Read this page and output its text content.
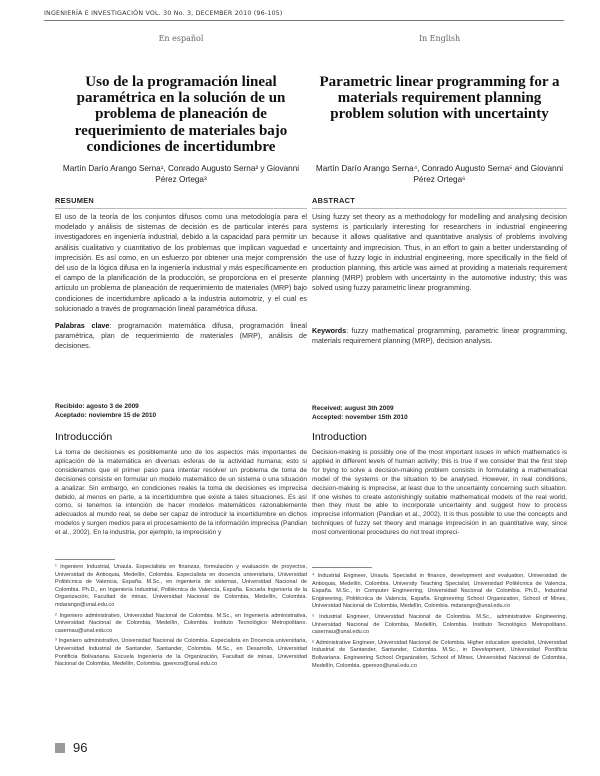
INGENIERÍA E INVESTIGACIÓN VOL. 30 No. 3, DECEMBER 2010 (96-105)
En español
Uso de la programación lineal paramétrica en la solución de un problema de planeación de requerimiento de materiales bajo condiciones de incertidumbre
Martín Darío Arango Serna¹, Conrado Augusto Serna² y Giovanni Pérez Ortega³
RESUMEN

El uso de la teoría de los conjuntos difusos como una metodología para el modelado y análisis de sistemas de decisión es de particular interés para investigadores en ingeniería industrial, debido a la capacidad para permitir un análisis cualitativo y cuantitativo de los problemas que implican vaguedad e imprecisión. Es así como, en un esfuerzo por obtener una mejor comprensión del uso de la lógica difusa en la ingeniería industrial y más específicamente en el campo de la planificación de la producción, se proporciona en el presente artículo un problema de planeación de requerimiento de materiales (MRP) bajo condiciones de incertidumbre aplicado a la industria automotriz, y el cual es solucionado a través de programación lineal paramétrica difusa.

Palabras clave: programación matemática difusa, programación lineal paramétrica, plan de requerimiento de materiales (MRP), análisis de decisiones.

Recibido: agosto 3 de 2009
Aceptado: noviembre 15 de 2010
Introducción

La toma de decisiones es posiblemente uno de los aspectos más importantes de aplicación de la matemática en diversas esferas de la actividad humana; esto si consideramos que el primer paso para intentar resolver un problema de toma de decisiones consiste en formular un modelo matemático de un sistema o una situación a analizar. Sin embargo, en condiciones reales la toma de decisiones es imprecisa debido, al menos en parte, a la incertidumbre que existe a tales situaciones. Es así como, si tenemos la intención de hacer modelos matemáticos razonablemente adecuados al mundo real, se debe ser capaz de introducir la incertidumbre en dichos modelos y surgen medios para el procesamiento de la información imprecisa (Pandian et al., 2002). En la industria, por ejemplo, la imprecisión y

¹ Ingeniero Industrial, Unaula. Especialista en finanzas, formulación y evaluación de proyectos, Universidad de Antioquia, Medellín, Colombia. Especialista en docencia universitaria, Universidad Politécnica de Valencia, España. M.Sc., en ingeniería de sistemas, Universidad Nacional de Colombia. Ph.D., en Ingeniería Industrial, Politécnica de Valencia, España. Escuela Ingeniería de la Organización, Facultad de minas, Universidad Nacional de Colombia, Medellín, Colombia. mdarango@unal.edu.co

² Ingeniero administrativo, Universidad Nacional de Colombia. M.Sc., en Ingeniería administrativa, Universidad Nacional de Colombia, Medellín, Colombia. Instituto Tecnológico Metropolitano. casernau@unal.edu.co

³ Ingeniero administrativo, Universidad Nacional de Colombia. Especialista en Docencia universitaria, Universidad Industrial de Santander, Santander, Colombia. M.Sc., en Desarrollo, Universidad Pontificia Bolivariana. Escuela Ingeniería de la Organización, Facultad de minas, Universidad Nacional de Colombia, Medellín, Colombia. gperezo@unal.edu.co

In English
Parametric linear programming for a materials requirement planning problem solution with uncertainty
Martín Darío Arango Serna⁴, Conrado Augusto Serna⁵ and Giovanni Pérez Ortega⁶
ABSTRACT

Using fuzzy set theory as a methodology for modelling and analysing decision systems is particularly interesting for researchers in industrial engineering because it allows qualitative and quantitative analysis of problems involving uncertainty and imprecision. Thus, in an effort to gain a better understanding of the use of fuzzy logic in industrial engineering, more specifically in the field of production planning, this article was aimed at providing a materials requirement planning (MRP) problem with uncertainty in the automotive industry; this was solved using fuzzy parametric linear programming.

Keywords: fuzzy mathematical programming, parametric linear programming, materials requirement planning (MRP), decision analysis.

Received: august 3th 2009
Accepted: november 15th 2010
Introduction

Decision-making is possibly one of the most important issues in which mathematics is applied in different levels of human activity; this is true if we consider that the first step for trying to solve a decision-making problem consists in formulating a mathematical model of the systems or the situation to be analysed. However, in real conditions, decision-making is imprecise, at least due to the uncertainty concerning such situation. If one wishes to create astonishingly suitable mathematical models of the real world, then they must be able to incorporate uncertainty and suggest how to process imprecise information (Pandian et al., 2002). It is thus possible to use the concepts and techniques of fuzzy set theory and manage imprecision in an quantitative way, since most conventional procedures do not treat impreci-

⁴ Industrial Engineer, Unaula. Specialist in finance, development and evaluation, Universidad de Antioquia, Medellín, Colombia. University Teaching Specialist, Universidad Politécnica de Valencia, España. M.Sc., in Computer Engineering, Universidad Nacional de Colombia. Ph.D., Industrial Engineering, Politécnica de Valencia, España. Engineering School Organization, School of Mines, Universidad Nacional de Colombia, Medellín, Colombia. mdarango@unal.edu.co

⁵ Industrial Engineer, Universidad Nacional de Colombia. M.Sc., administrative Engineering, Universidad Nacional de Colombia, Medellín, Colombia. Instituto Tecnológico Metropolitano. casernau@unal.edu.co

⁶ Administrative Engineer, Universidad Nacional de Colombia. Higher education specialist, Universidad Industrial de Santander, Santander, Colombia. M.Sc., in Development, Universidad Pontificia Bolivariana. Engineering School Organization, School of Mines, Universidad Nacional de Colombia, Medellín, Colombia. gperezo@unal.edu.co

96
